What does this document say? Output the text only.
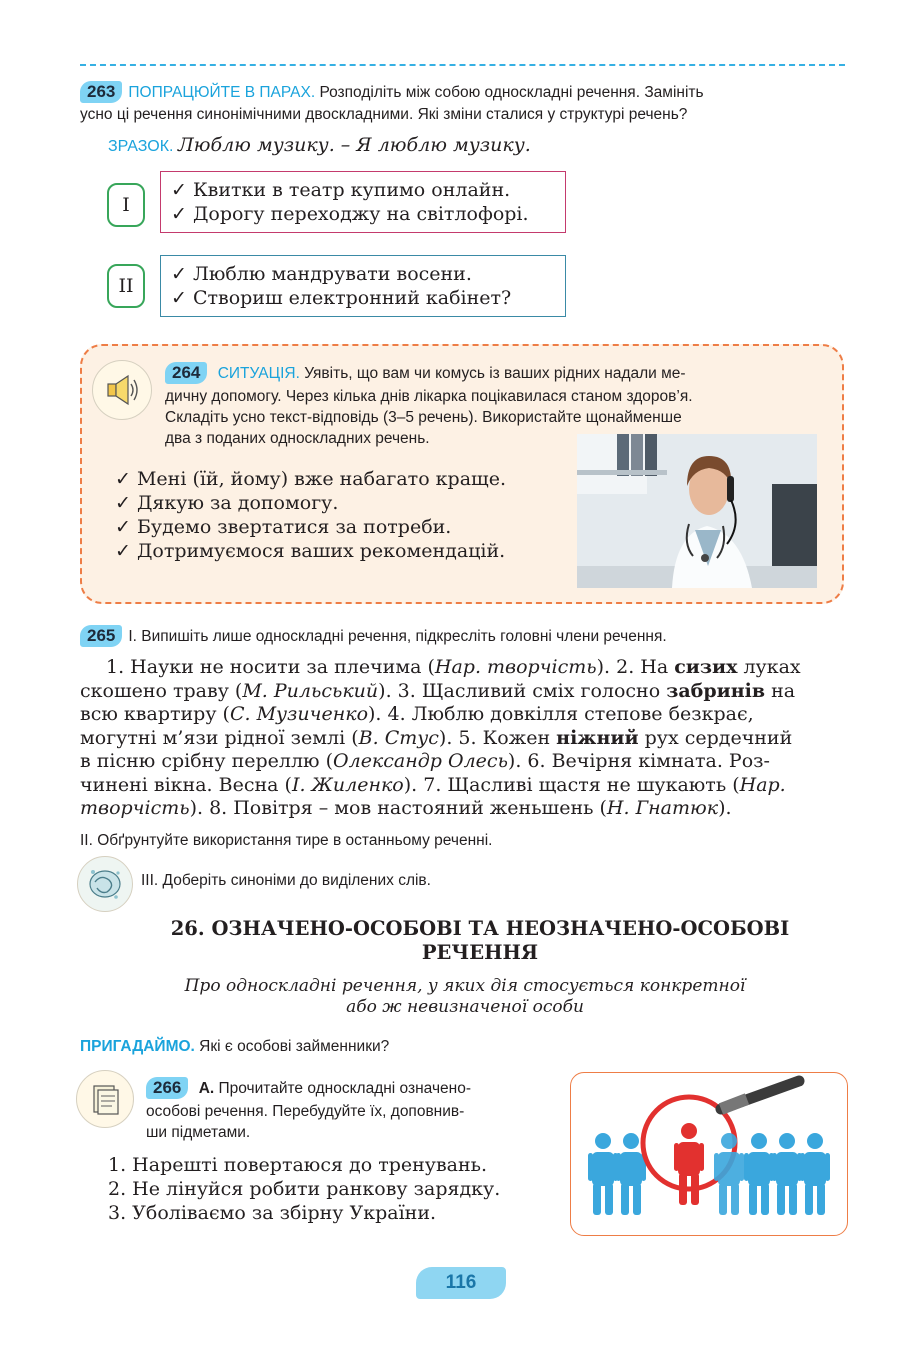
263 ПОПРАЦЮЙТЕ В ПАРАХ. Розподіліть між собою односкладні речення. Замініть
усно ці речення синонімічними двоскладними. Які зміни сталися у структурі речень?
ЗРАЗОК. Люблю музику. – Я люблю музику.
I
✓ Квитки в театр купимо онлайн.
✓ Дорогу переходжу на світлофорі.
II
✓ Люблю мандрувати восени.
✓ Створиш електронний кабінет?
264 СИТУАЦІЯ. Уявіть, що вам чи комусь із ваших рідних надали ме-
дичну допомогу. Через кілька днів лікарка поцікавилася станом здоров’я.
Складіть усно текст-відповідь (3–5 речень). Використайте щонайменше
два з поданих односкладних речень.
✓ Мені (їй, йому) вже набагато краще.
✓ Дякую за допомогу.
✓ Будемо звертатися за потреби.
✓ Дотримуємося ваших рекомендацій.
265 I. Випишіть лише односкладні речення, підкресліть головні члени речення.
1. Науки не носити за плечима (Нар. творчість). 2. На сизих луках
скошено траву (М. Рильський). 3. Щасливий сміх голосно забринів на
всю квартиру (С. Музиченко). 4. Люблю довкілля степове безкрає,
могутні м’язи рідної землі (В. Стус). 5. Кожен ніжний рух сердечний
в пісню срібну переллю (Олександр Олесь). 6. Вечірня кімната. Роз-
чинені вікна. Весна (І. Жиленко). 7. Щасливі щастя не шукають (Нар.
творчість). 8. Повітря – мов настояний женьшень (Н. Гнатюк).
II. Обґрунтуйте використання тире в останньому реченні.
III. Доберіть синоніми до виділених слів.
26. ОЗНАЧЕНО-ОСОБОВІ ТА НЕОЗНАЧЕНО-ОСОБОВІ
РЕЧЕННЯ
Про односкладні речення, у яких дія стосується конкретної
або ж невизначеної особи
ПРИГАДАЙМО. Які є особові займенники?
266 А. Прочитайте односкладні означено-
особові речення. Перебудуйте їх, доповнив-
ши підметами.
1. Нарешті повертаюся до тренувань.
2. Не лінуйся робити ранкову зарядку.
3. Уболіваємо за збірну України.
116
